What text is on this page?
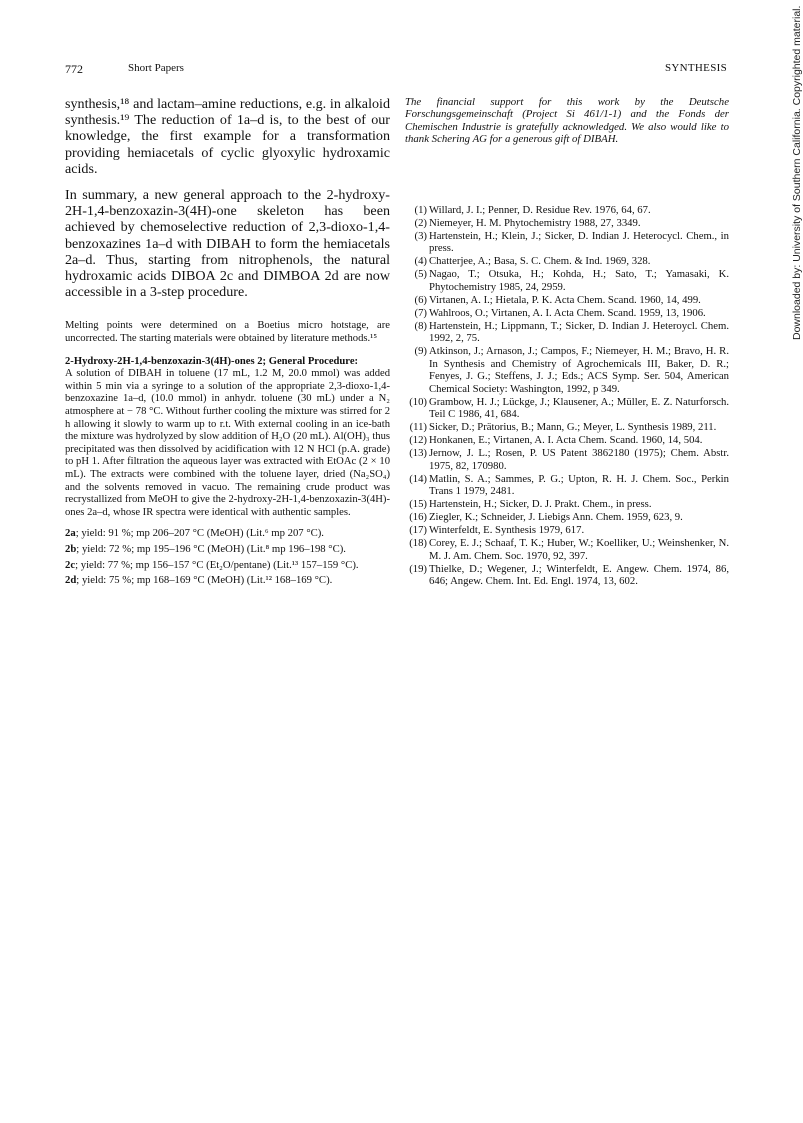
772	Short Papers	SYNTHESIS

synthesis,¹⁸ and lactam–amine reductions, e.g. in alkaloid synthesis.¹⁹ The reduction of 1a–d is, to the best of our knowledge, the first example for a transformation providing hemiacetals of cyclic glyoxylic hydroxamic acids.

In summary, a new general approach to the 2-hydroxy-2H-1,4-benzoxazin-3(4H)-one skeleton has been achieved by chemoselective reduction of 2,3-dioxo-1,4-benzoxazines 1a–d with DIBAH to form the hemiacetals 2a–d. Thus, starting from nitrophenols, the natural hydroxamic acids DIBOA 2c and DIMBOA 2d are now accessible in a 3-step procedure.

Melting points were determined on a Boetius micro hotstage, are uncorrected. The starting materials were obtained by literature methods.¹⁵

2-Hydroxy-2H-1,4-benzoxazin-3(4H)-ones 2; General Procedure:

A solution of DIBAH in toluene (17 mL, 1.2 M, 20.0 mmol) was added within 5 min via a syringe to a solution of the appropriate 2,3-dioxo-1,4-benzoxazine 1a–d, (10.0 mmol) in anhydr. toluene (30 mL) under a N₂ atmosphere at − 78 °C. Without further cooling the mixture was stirred for 2 h allowing it slowly to warm up to r.t. With external cooling in an ice-bath the mixture was hydrolyzed by slow addition of H₂O (20 mL). Al(OH)₃ thus precipitated was then dissolved by acidification with 12 N HCl (p.A. grade) to pH 1. After filtration the aqueous layer was extracted with EtOAc (2 × 10 mL). The extracts were combined with the toluene layer, dried (Na₂SO₄) and the solvents removed in vacuo. The remaining crude product was recrystallized from MeOH to give the 2-hydroxy-2H-1,4-benzoxazin-3(4H)-ones 2a–d, whose IR spectra were identical with authentic samples.

2a; yield: 91 %; mp 206–207 °C (MeOH) (Lit.⁶ mp 207 °C).

2b; yield: 72 %; mp 195–196 °C (MeOH) (Lit.⁸ mp 196–198 °C).

2c; yield: 77 %; mp 156–157 °C (Et₂O/pentane) (Lit.¹³ 157–159 °C).

2d; yield: 75 %; mp 168–169 °C (MeOH) (Lit.¹² 168–169 °C).

The financial support for this work by the Deutsche Forschungsgemeinschaft (Project Si 461/1-1) and the Fonds der Chemischen Industrie is gratefully acknowledged. We also would like to thank Schering AG for a generous gift of DIBAH.

(1) Willard, J. I.; Penner, D. Residue Rev. 1976, 64, 67.
(2) Niemeyer, H. M. Phytochemistry 1988, 27, 3349.
(3) Hartenstein, H.; Klein, J.; Sicker, D. Indian J. Heterocycl. Chem., in press.
(4) Chatterjee, A.; Basa, S. C. Chem. & Ind. 1969, 328.
(5) Nagao, T.; Otsuka, H.; Kohda, H.; Sato, T.; Yamasaki, K. Phytochemistry 1985, 24, 2959.
(6) Virtanen, A. I.; Hietala, P. K. Acta Chem. Scand. 1960, 14, 499.
(7) Wahlroos, O.; Virtanen, A. I. Acta Chem. Scand. 1959, 13, 1906.
(8) Hartenstein, H.; Lippmann, T.; Sicker, D. Indian J. Heteroycl. Chem. 1992, 2, 75.
(9) Atkinson, J.; Arnason, J.; Campos, F.; Niemeyer, H. M.; Bravo, H. R. In Synthesis and Chemistry of Agrochemicals III, Baker, D. R.; Fenyes, J. G.; Steffens, J. J.; Eds.; ACS Symp. Ser. 504, American Chemical Society: Washington, 1992, p 349.
(10) Grambow, H. J.; Lückge, J.; Klausener, A.; Müller, E. Z. Naturforsch. Teil C 1986, 41, 684.
(11) Sicker, D.; Prätorius, B.; Mann, G.; Meyer, L. Synthesis 1989, 211.
(12) Honkanen, E.; Virtanen, A. I. Acta Chem. Scand. 1960, 14, 504.
(13) Jernow, J. L.; Rosen, P. US Patent 3862180 (1975); Chem. Abstr. 1975, 82, 170980.
(14) Matlin, S. A.; Sammes, P. G.; Upton, R. H. J. Chem. Soc., Perkin Trans 1 1979, 2481.
(15) Hartenstein, H.; Sicker, D. J. Prakt. Chem., in press.
(16) Ziegler, K.; Schneider, J. Liebigs Ann. Chem. 1959, 623, 9.
(17) Winterfeldt, E. Synthesis 1979, 617.
(18) Corey, E. J.; Schaaf, T. K.; Huber, W.; Koelliker, U.; Weinshenker, N. M. J. Am. Chem. Soc. 1970, 92, 397.
(19) Thielke, D.; Wegener, J.; Winterfeldt, E. Angew. Chem. 1974, 86, 646; Angew. Chem. Int. Ed. Engl. 1974, 13, 602.
Downloaded by: University of Southern California. Copyrighted material.
